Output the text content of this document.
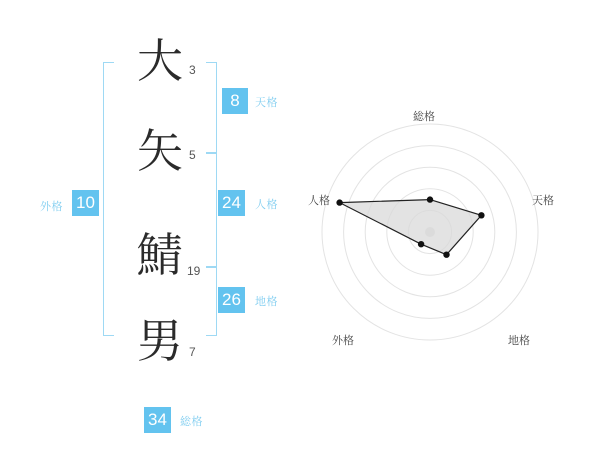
大 3
矢 5
鯖 19
男 7
8	天格
24	人格
26	地格
外格 10
34	総格
総格
天格
地格
外格
人格
